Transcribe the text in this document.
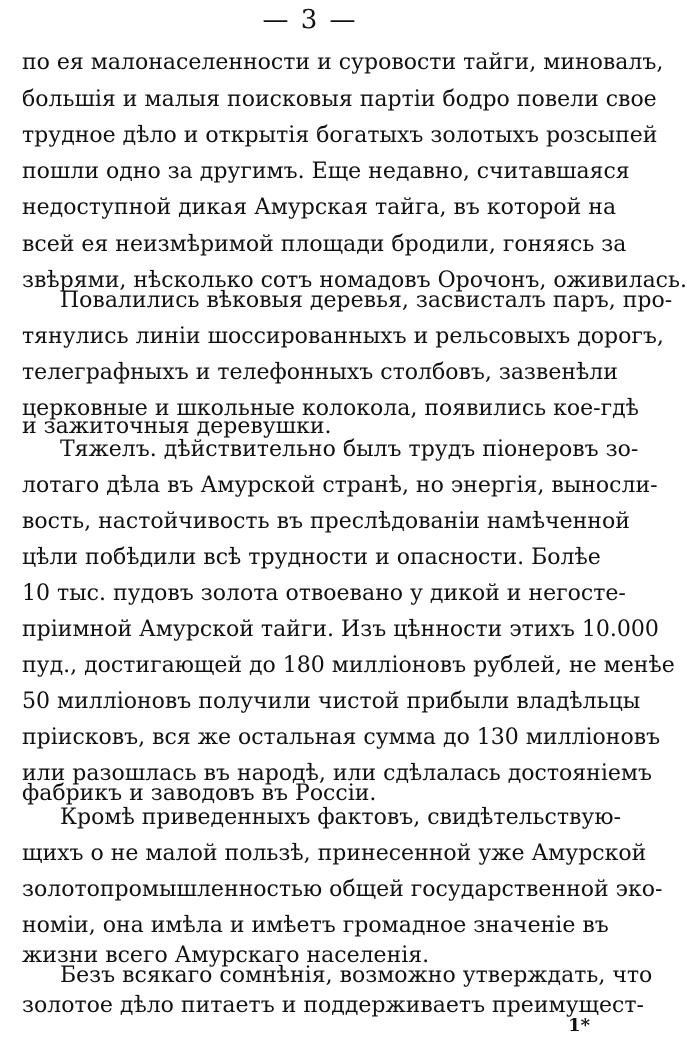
— 3 —
по ея малонаселенности и суровости тайги, миновалъ,
большія и малыя поисковыя партіи бодро повели свое
трудное дѣло и открытія богатыхъ золотыхъ розсыпей
пошли одно за другимъ. Еще недавно, считавшаяся
недоступной дикая Амурская тайга, въ которой на
всей ея неизмѣримой площади бродили, гоняясь за
звѣрями, нѣсколько сотъ номадовъ Орочонъ, оживилась.
Повалились вѣковыя деревья, засвисталъ паръ, про-
тянулись линіи шоссированныхъ и рельсовыхъ дорогъ,
телеграфныхъ и телефонныхъ столбовъ, зазвенѣли
церковные и школьные колокола, появились кое-гдѣ
и зажиточныя деревушки.
Тяжелъ. дѣйствительно былъ трудъ піонеровъ зо-
лотаго дѣла въ Амурской странѣ, но энергія, выносли-
вость, настойчивость въ преслѣдованіи намѣченной
цѣли побѣдили всѣ трудности и опасности. Болѣе
10 тыс. пудовъ золота отвоевано у дикой и негосте-
пріимной Амурской тайги. Изъ цѣнности этихъ 10.000
пуд., достигающей до 180 милліоновъ рублей, не менѣе
50 милліоновъ получили чистой прибыли владѣльцы
пріисковъ, вся же остальная сумма до 130 милліоновъ
или разошлась въ народѣ, или сдѣлалась достояніемъ
фабрикъ и заводовъ въ Россіи.
Кромѣ приведенныхъ фактовъ, свидѣтельствую-
щихъ о не малой пользѣ, принесенной уже Амурской
золотопромышленностью общей государственной эко-
номіи, она имѣла и имѣетъ громадное значеніе въ
жизни всего Амурскаго населенія.
Безъ всякаго сомнѣнія, возможно утверждать, что
золотое дѣло питаетъ и поддерживаетъ преимущест-
1*
